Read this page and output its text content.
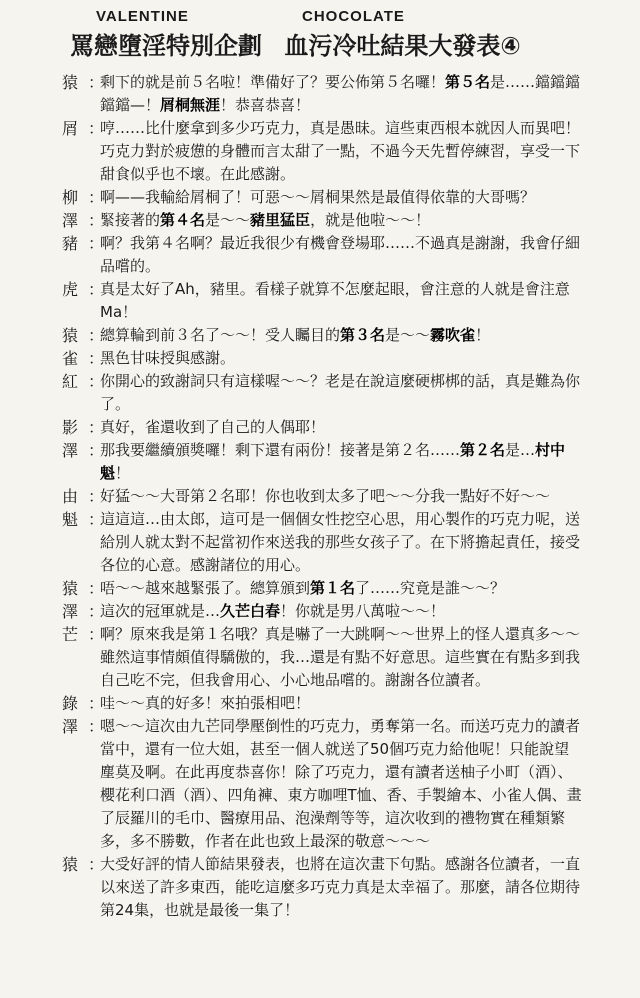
VALENTINE	CHOCOLATE
罵戀墮淫特別企劃 血污冷吐結果大發表④
猿 ：
剩下的就是前５名啦！準備好了？要公佈第５名囉！第５名是……鐺鐺鐺鐺鐺—！屑桐無涯！恭喜恭喜！
屑 ：
哼……比什麼拿到多少巧克力，真是愚昧。這些東西根本就因人而異吧！巧克力對於疲憊的身體而言太甜了一點，不過今天先暫停練習，享受一下甜食似乎也不壞。在此感謝。
柳 ：
啊——我輸給屑桐了！可惡～～屑桐果然是最值得依靠的大哥嗎？
澤 ：
緊接著的第４名是～～豬里猛臣，就是他啦～～！
豬 ：
啊？我第４名啊？最近我很少有機會登場耶……不過真是謝謝，我會仔細品嚐的。
虎 ：
真是太好了Ah，豬里。看樣子就算不怎麼起眼，會注意的人就是會注意Ma！
猿 ：
總算輪到前３名了～～！受人矚目的第３名是～～霧吹雀！
雀 ：
黑色甘味授與感謝。
紅 ：
你開心的致謝詞只有這樣喔～～？老是在說這麼硬梆梆的話，真是難為你了。
影 ：
真好，雀還收到了自己的人偶耶！
澤 ：
那我要繼續頒獎囉！剩下還有兩份！接著是第２名……第２名是…村中魁！
由 ：
好猛～～大哥第２名耶！你也收到太多了吧～～分我一點好不好～～
魁 ：
這這這…由太郎，這可是一個個女性挖空心思，用心製作的巧克力呢，送給別人就太對不起當初作來送我的那些女孩子了。在下將擔起責任，接受各位的心意。感謝諸位的用心。
猿 ：
唔～～越來越緊張了。總算頒到第１名了……究竟是誰～～？
澤 ：
這次的冠軍就是…久芒白春！你就是男八萬啦～～！
芒 ：
啊？原來我是第１名哦？真是嚇了一大跳啊～～世界上的怪人還真多～～雖然這事情頗值得驕傲的，我…還是有點不好意思。這些實在有點多到我自己吃不完，但我會用心、小心地品嚐的。謝謝各位讀者。
錄 ：
哇～～真的好多！來拍張相吧！
澤 ：
嗯～～這次由九芒同學壓倒性的巧克力，勇奪第一名。而送巧克力的讀者當中，還有一位大姐，甚至一個人就送了50個巧克力給他呢！只能說望塵莫及啊。在此再度恭喜你！除了巧克力，還有讀者送柚子小町（酒）、櫻花利口酒（酒）、四角褲、東方咖哩T恤、香、手製繪本、小雀人偶、畫了辰羅川的毛巾、醫療用品、泡澡劑等等，這次收到的禮物實在種類繁多，多不勝數，作者在此也致上最深的敬意～～～
猿 ：
大受好評的情人節結果發表，也將在這次畫下句點。感謝各位讀者，一直以來送了許多東西，能吃這麼多巧克力真是太幸福了。那麼，請各位期待第24集，也就是最後一集了！
